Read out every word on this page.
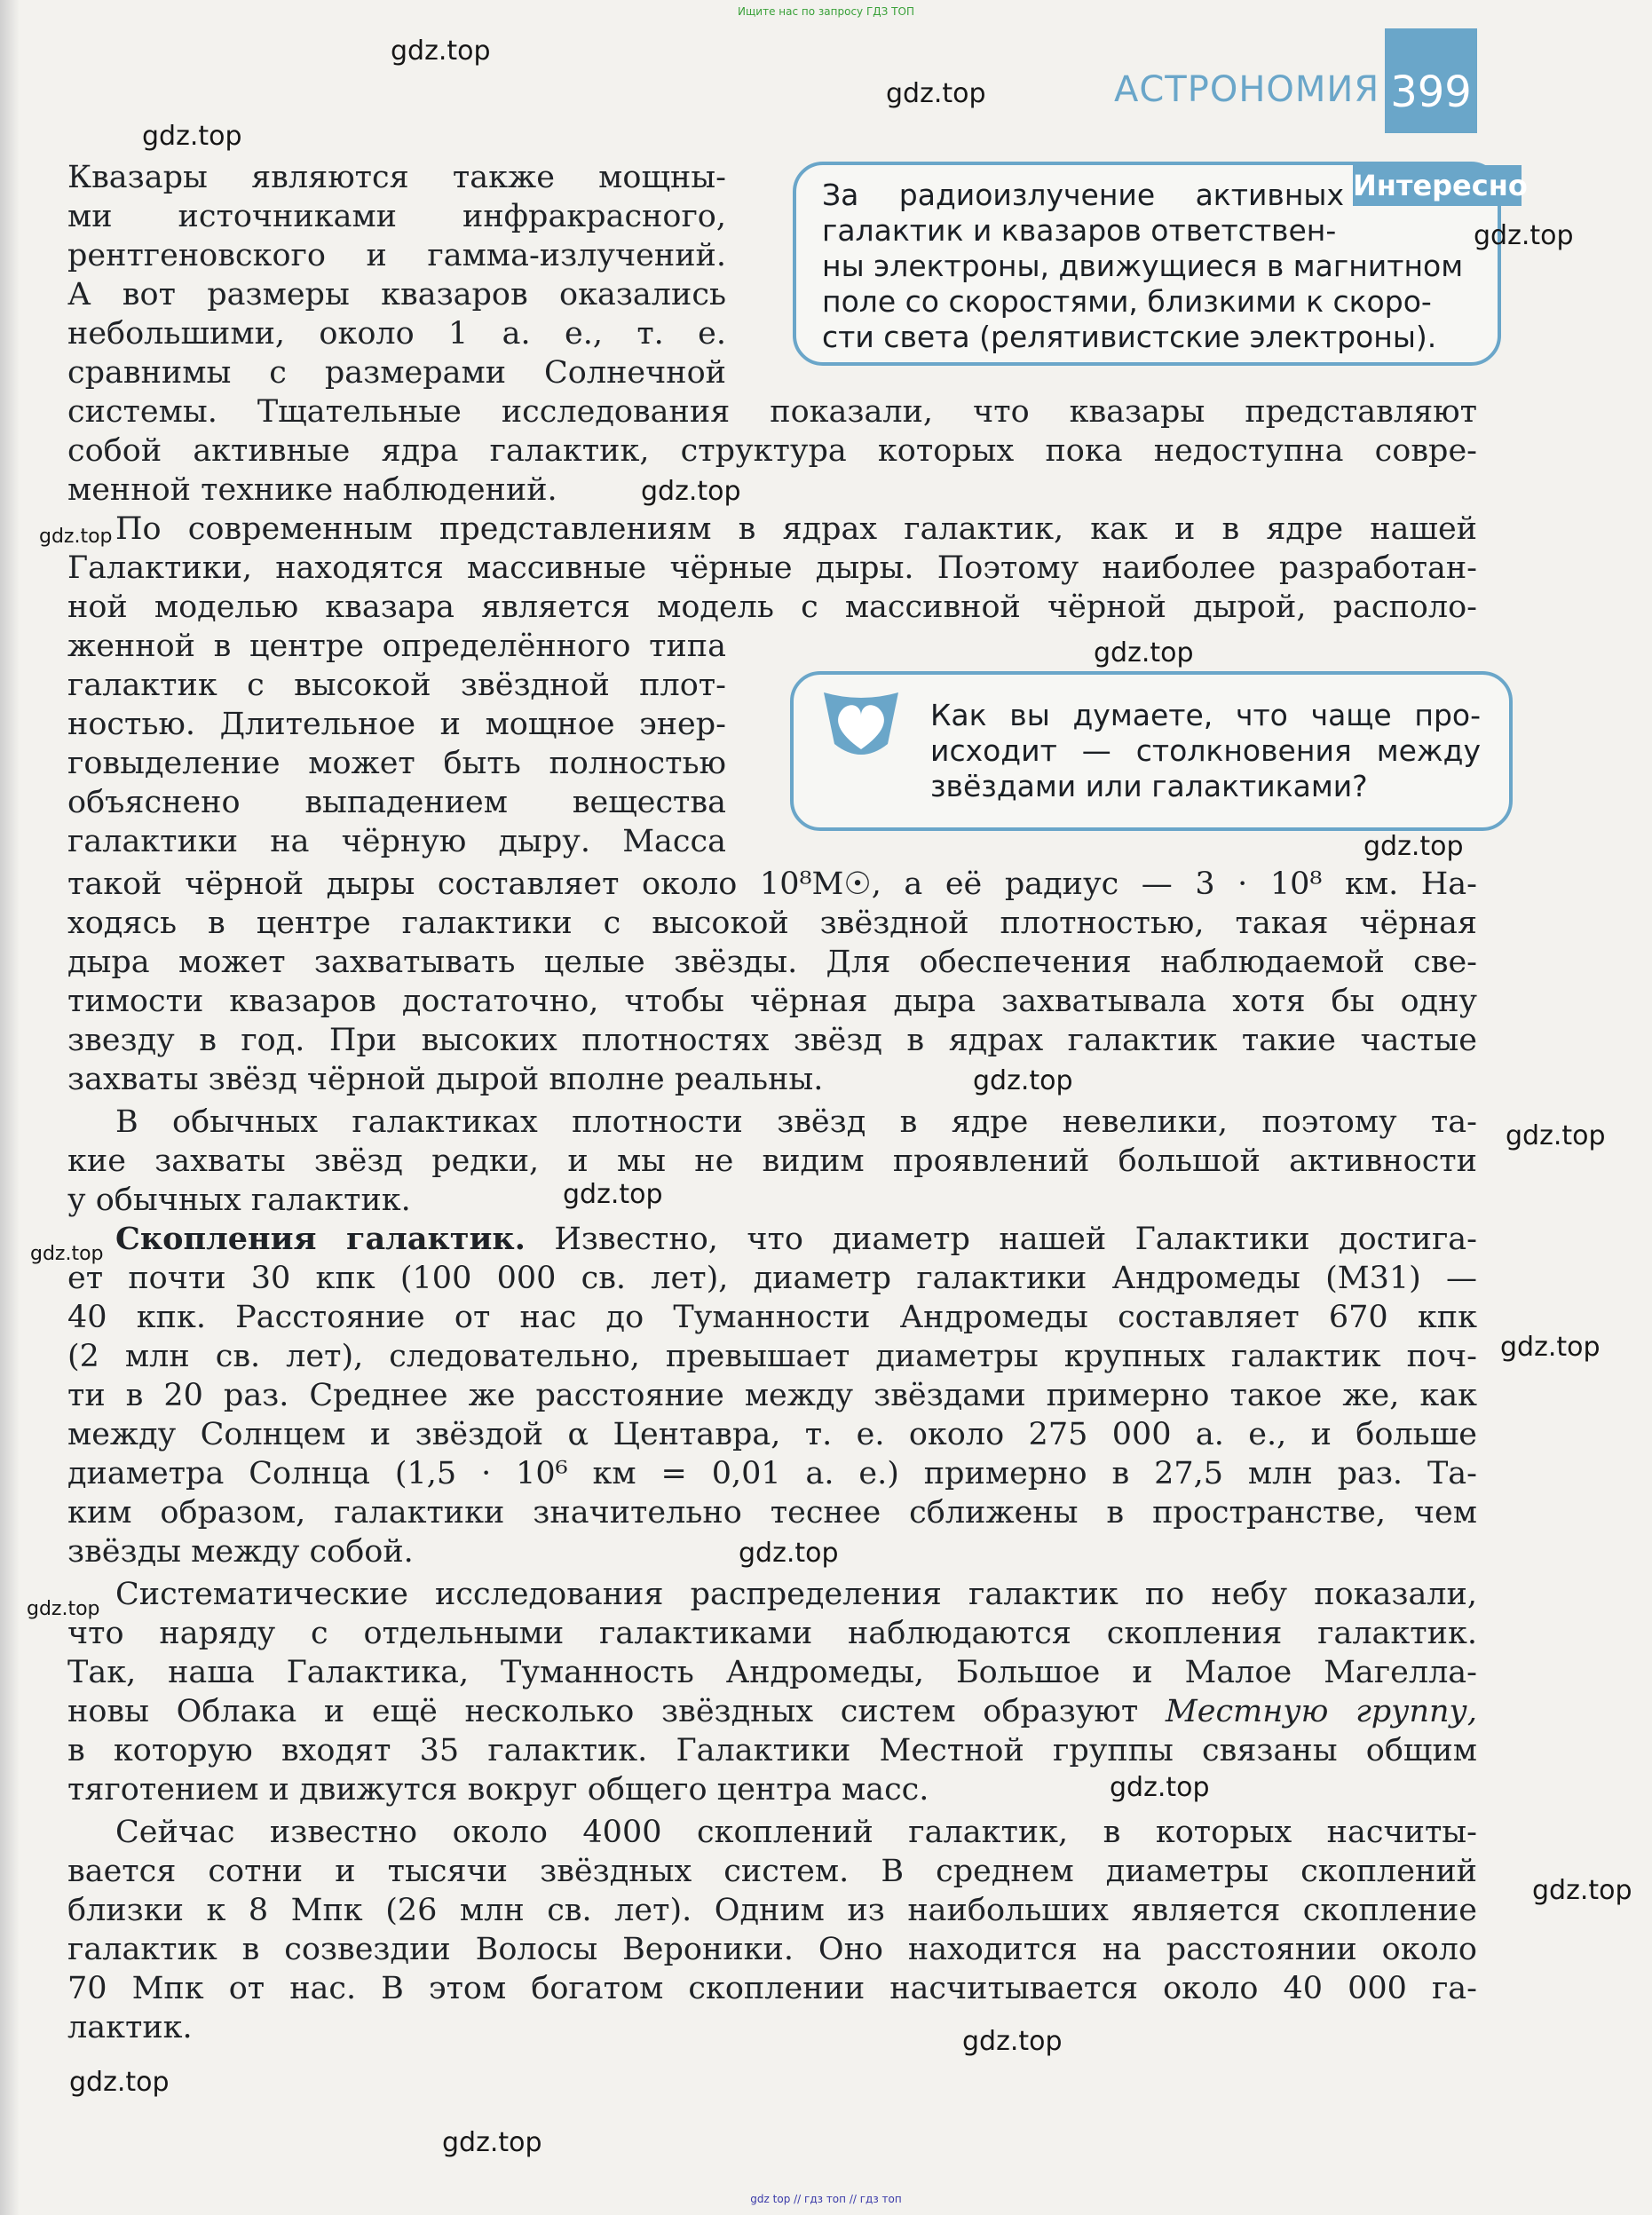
Ищите нас по запросу ГДЗ ТОП
АСТРОНОМИЯ 399
Интересно
За радиоизлучение активных
галактик и квазаров ответствен-
ны электроны, движущиеся в магнитном
поле со скоростями, близкими к скоро-
сти света (релятивистские электроны).
Как вы думаете, что чаще про-
исходит — столкновения между
звёздами или галактиками?
Квазары являются также мощны-
ми источниками инфракрасного,
рентгеновского и гамма-излучений.
А вот размеры квазаров оказались
небольшими, около 1 а. е., т. е.
сравнимы с размерами Солнечной
системы. Тщательные исследования показали, что квазары представляют
собой активные ядра галактик, структура которых пока недоступна совре-
менной технике наблюдений.
По современным представлениям в ядрах галактик, как и в ядре нашей
Галактики, находятся массивные чёрные дыры. Поэтому наиболее разработан-
ной моделью квазара является модель с массивной чёрной дырой, располо-
женной в центре определённого типа
галактик с высокой звёздной плот-
ностью. Длительное и мощное энер-
говыделение может быть полностью
объяснено выпадением вещества
галактики на чёрную дыру. Масса
такой чёрной дыры составляет около 10⁸M☉, а её радиус — 3 · 10⁸ км. На-
ходясь в центре галактики с высокой звёздной плотностью, такая чёрная
дыра может захватывать целые звёзды. Для обеспечения наблюдаемой све-
тимости квазаров достаточно, чтобы чёрная дыра захватывала хотя бы одну
звезду в год. При высоких плотностях звёзд в ядрах галактик такие частые
захваты звёзд чёрной дырой вполне реальны.
В обычных галактиках плотности звёзд в ядре невелики, поэтому та-
кие захваты звёзд редки, и мы не видим проявлений большой активности
у обычных галактик.
Скопления галактик. Известно, что диаметр нашей Галактики достига-
ет почти 30 кпк (100 000 св. лет), диаметр галактики Андромеды (M31) —
40 кпк. Расстояние от нас до Туманности Андромеды составляет 670 кпк
(2 млн св. лет), следовательно, превышает диаметры крупных галактик поч-
ти в 20 раз. Среднее же расстояние между звёздами примерно такое же, как
между Солнцем и звёздой α Центавра, т. е. около 275 000 а. е., и больше
диаметра Солнца (1,5 · 10⁶ км = 0,01 а. е.) примерно в 27,5 млн раз. Та-
ким образом, галактики значительно теснее сближены в пространстве, чем
звёзды между собой.
Систематические исследования распределения галактик по небу показали,
что наряду с отдельными галактиками наблюдаются скопления галактик.
Так, наша Галактика, Туманность Андромеды, Большое и Малое Магелла-
новы Облака и ещё несколько звёздных систем образуют Местную группу,
в которую входят 35 галактик. Галактики Местной группы связаны общим
тяготением и движутся вокруг общего центра масс.
Сейчас известно около 4000 скоплений галактик, в которых насчиты-
вается сотни и тысячи звёздных систем. В среднем диаметры скоплений
близки к 8 Мпк (26 млн св. лет). Одним из наибольших является скопление
галактик в созвездии Волосы Вероники. Оно находится на расстоянии около
70 Мпк от нас. В этом богатом скоплении насчитывается около 40 000 га-
лактик.
gdz.top
gdz.top
gdz.top
gdz.top
gdz.top
gdz.top
gdz.top
gdz.top
gdz.top
gdz.top
gdz.top
gdz.top
gdz.top
gdz.top
gdz.top
gdz.top
gdz.top
gdz.top
gdz.top
gdz.top
gdz top // гдз топ // гдз топ
